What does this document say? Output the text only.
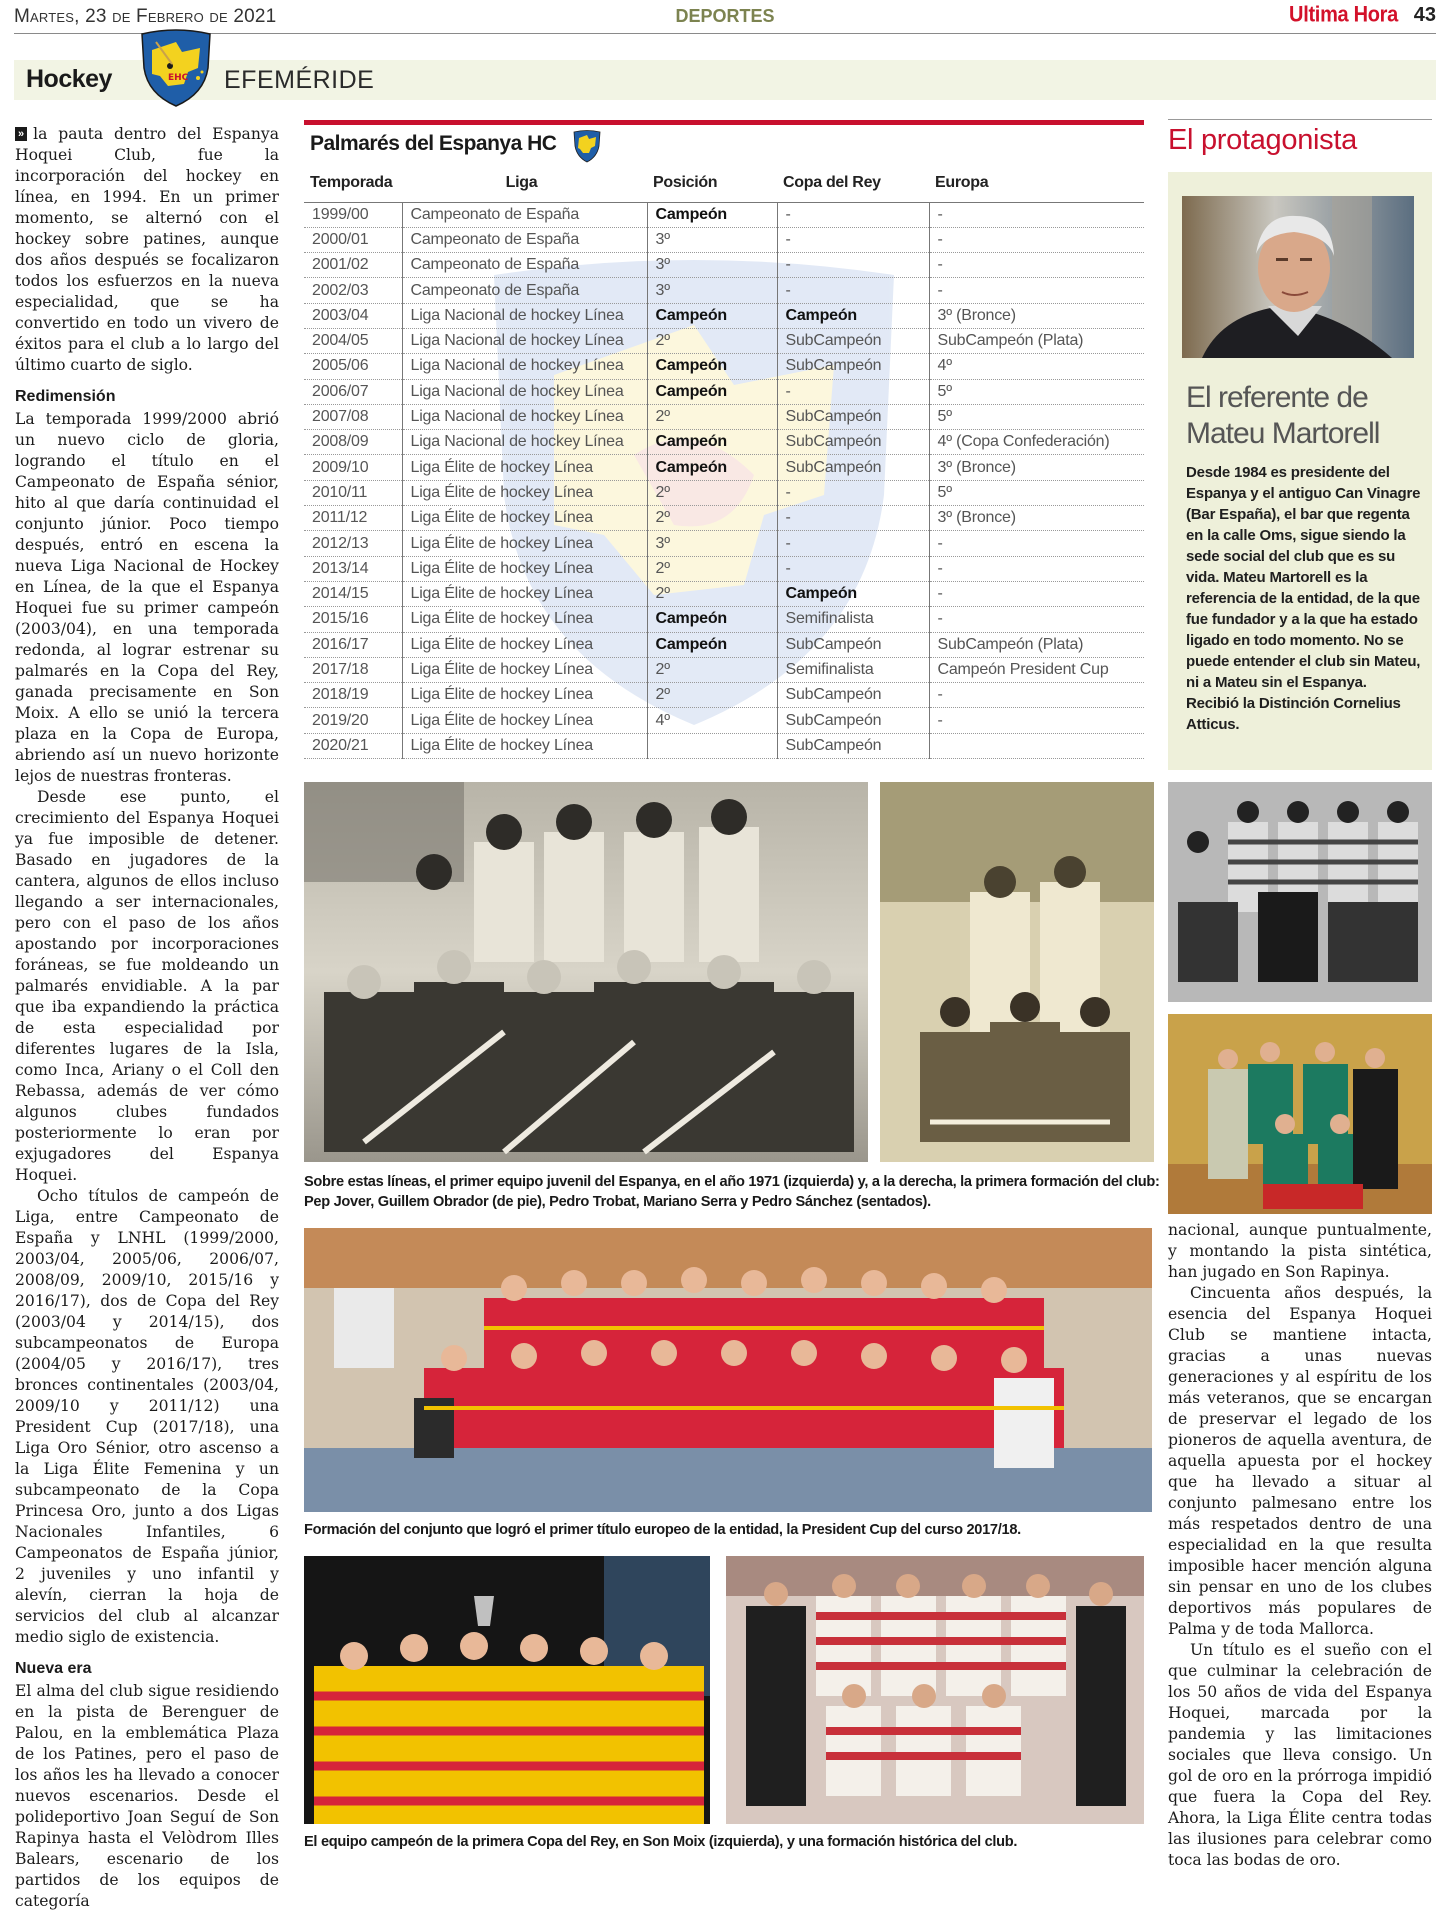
Martes, 23 de Febrero de 2021	DEPORTES	Ultima Hora 43
Hockey	EFEMÉRIDE
EHC

» la pauta dentro del Espanya Hoquei Club, fue la incorporación del hockey en línea, en 1994. En un primer momento, se alternó con el hockey sobre patines, aunque dos años después se focalizaron todos los esfuerzos en la nueva especialidad, que se ha convertido en todo un vivero de éxitos para el club a lo largo del último cuarto de siglo.

Redimensión

La temporada 1999/2000 abrió un nuevo ciclo de gloria, logrando el título en el Campeonato de España sénior, hito al que daría continuidad el conjunto júnior. Poco tiempo después, entró en escena la nueva Liga Nacional de Hockey en Línea, de la que el Espanya Hoquei fue su primer campeón (2003/04), en una temporada redonda, al lograr estrenar su palmarés en la Copa del Rey, ganada precisamente en Son Moix. A ello se unió la tercera plaza en la Copa de Europa, abriendo así un nuevo horizonte lejos de nuestras fronteras.

Desde ese punto, el crecimiento del Espanya Hoquei ya fue imposible de detener. Basado en jugadores de la cantera, algunos de ellos incluso llegando a ser internacionales, pero con el paso de los años apostando por incorporaciones foráneas, se fue moldeando un palmarés envidiable. A la par que iba expandiendo la práctica de esta especialidad por diferentes lugares de la Isla, como Inca, Ariany o el Coll den Rebassa, además de ver cómo algunos clubes fundados posteriormente lo eran por exjugadores del Espanya Hoquei.

Ocho títulos de campeón de Liga, entre Campeonato de España y LNHL (1999/2000, 2003/04, 2005/06, 2006/07, 2008/09, 2009/10, 2015/16 y 2016/17), dos de Copa del Rey (2003/04 y 2014/15), dos subcampeonatos de Europa (2004/05 y 2016/17), tres bronces continentales (2003/04, 2009/10 y 2011/12) una President Cup (2017/18), una Liga Oro Sénior, otro ascenso a la Liga Élite Femenina y un subcampeonato de la Copa Princesa Oro, junto a dos Ligas Nacionales Infantiles, 6 Campeonatos de España júnior, 2 juveniles y uno infantil y alevín, cierran la hoja de servicios del club al alcanzar medio siglo de existencia.

Nueva era

El alma del club sigue residiendo en la pista de Berenguer de Palou, en la emblemática Plaza de los Patines, pero el paso de los años les ha llevado a conocer nuevos escenarios. Desde el polideportivo Joan Seguí de Son Rapinya hasta el Velòdrom Illes Balears, escenario de los partidos de los equipos de categoría

Palmarés del Espanya HC
Temporada	Liga	Posición	Copa del Rey	Europa
1999/00	Campeonato de España	Campeón	-	-
2000/01	Campeonato de España	3º	-	-
2001/02	Campeonato de España	3º	-	-
2002/03	Campeonato de España	3º	-	-
2003/04	Liga Nacional de hockey Línea	Campeón	Campeón	3º (Bronce)
2004/05	Liga Nacional de hockey Línea	2º	SubCampeón	SubCampeón (Plata)
2005/06	Liga Nacional de hockey Línea	Campeón	SubCampeón	4º
2006/07	Liga Nacional de hockey Línea	Campeón	-	5º
2007/08	Liga Nacional de hockey Línea	2º	SubCampeón	5º
2008/09	Liga Nacional de hockey Línea	Campeón	SubCampeón	4º (Copa Confederación)
2009/10	Liga Élite de hockey Línea	Campeón	SubCampeón	3º (Bronce)
2010/11	Liga Élite de hockey Línea	2º	-	5º
2011/12	Liga Élite de hockey Línea	2º	-	3º (Bronce)
2012/13	Liga Élite de hockey Línea	3º	-	-
2013/14	Liga Élite de hockey Línea	2º	-	-
2014/15	Liga Élite de hockey Línea	2º	Campeón	-
2015/16	Liga Élite de hockey Línea	Campeón	Semifinalista	-
2016/17	Liga Élite de hockey Línea	Campeón	SubCampeón	SubCampeón (Plata)
2017/18	Liga Élite de hockey Línea	2º	Semifinalista	Campeón President Cup
2018/19	Liga Élite de hockey Línea	2º	SubCampeón	-
2019/20	Liga Élite de hockey Línea	4º	SubCampeón	-
2020/21	Liga Élite de hockey Línea		SubCampeón	
El protagonista
El referente de Mateu Martorell

Desde 1984 es presidente del Espanya y el antiguo Can Vinagre (Bar España), el bar que regenta en la calle Oms, sigue siendo la sede social del club que es su vida. Mateu Martorell es la referencia de la entidad, de la que fue fundador y a la que ha estado ligado en todo momento. No se puede entender el club sin Mateu, ni a Mateu sin el Espanya. Recibió la Distinción Cornelius Atticus.

Sobre estas líneas, el primer equipo juvenil del Espanya, en el año 1971 (izquierda) y, a la derecha, la primera formación del club: Pep Jover, Guillem Obrador (de pie), Pedro Trobat, Mariano Serra y Pedro Sánchez (sentados).

Formación del conjunto que logró el primer título europeo de la entidad, la President Cup del curso 2017/18.

El equipo campeón de la primera Copa del Rey, en Son Moix (izquierda), y una formación histórica del club.

nacional, aunque puntualmente, y montando la pista sintética, han jugado en Son Rapinya.

Cincuenta años después, la esencia del Espanya Hoquei Club se mantiene intacta, gracias a unas nuevas generaciones y al espíritu de los más veteranos, que se encargan de preservar el legado de los pioneros de aquella aventura, de aquella apuesta por el hockey que ha llevado a situar al conjunto palmesano entre los más respetados dentro de una especialidad en la que resulta imposible hacer mención alguna sin pensar en uno de los clubes deportivos más populares de Palma y de toda Mallorca.

Un título es el sueño con el que culminar la celebración de los 50 años de vida del Espanya Hoquei, marcada por la pandemia y las limitaciones sociales que lleva consigo. Un gol de oro en la prórroga impidió que fuera la Copa del Rey. Ahora, la Liga Élite centra todas las ilusiones para celebrar como toca las bodas de oro.
